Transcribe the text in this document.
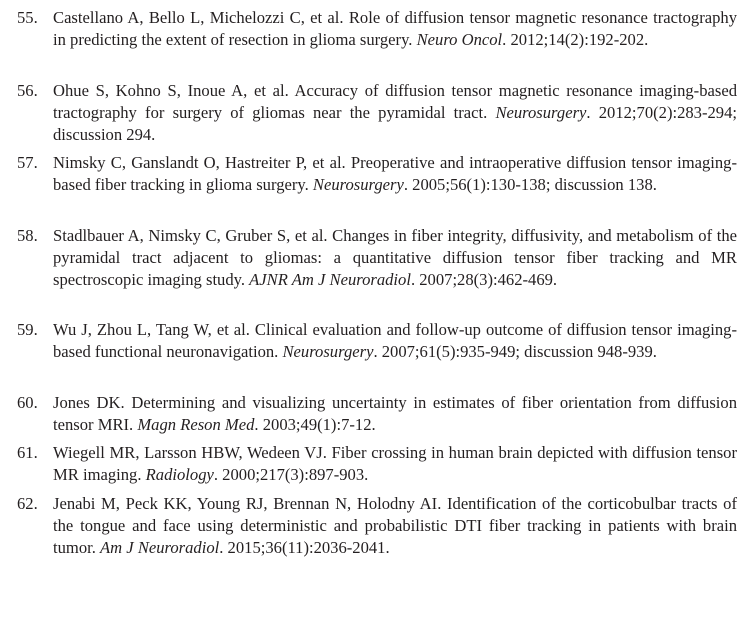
55. Castellano A, Bello L, Michelozzi C, et al. Role of diffusion tensor magnetic resonance tractography in predicting the extent of resection in glioma surgery. Neuro Oncol. 2012;14(2):192-202.
56. Ohue S, Kohno S, Inoue A, et al. Accuracy of diffusion tensor magnetic resonance imaging-based tractography for surgery of gliomas near the pyramidal tract. Neurosurgery. 2012;70(2):283-294; discussion 294.
57. Nimsky C, Ganslandt O, Hastreiter P, et al. Preoperative and intraoperative diffusion tensor imaging-based fiber tracking in glioma surgery. Neurosurgery. 2005;56(1):130-138; discussion 138.
58. Stadlbauer A, Nimsky C, Gruber S, et al. Changes in fiber integrity, diffusivity, and metabolism of the pyramidal tract adjacent to gliomas: a quantitative diffusion tensor fiber tracking and MR spectroscopic imaging study. AJNR Am J Neuroradiol. 2007;28(3):462-469.
59. Wu J, Zhou L, Tang W, et al. Clinical evaluation and follow-up outcome of diffusion tensor imaging-based functional neuronavigation. Neurosurgery. 2007;61(5):935-949; discussion 948-939.
60. Jones DK. Determining and visualizing uncertainty in estimates of fiber orientation from diffusion tensor MRI. Magn Reson Med. 2003;49(1):7-12.
61. Wiegell MR, Larsson HBW, Wedeen VJ. Fiber crossing in human brain depicted with diffusion tensor MR imaging. Radiology. 2000;217(3):897-903.
62. Jenabi M, Peck KK, Young RJ, Brennan N, Holodny AI. Identification of the corticobulbar tracts of the tongue and face using deterministic and probabilistic DTI fiber tracking in patients with brain tumor. Am J Neuroradiol. 2015;36(11):2036-2041.
